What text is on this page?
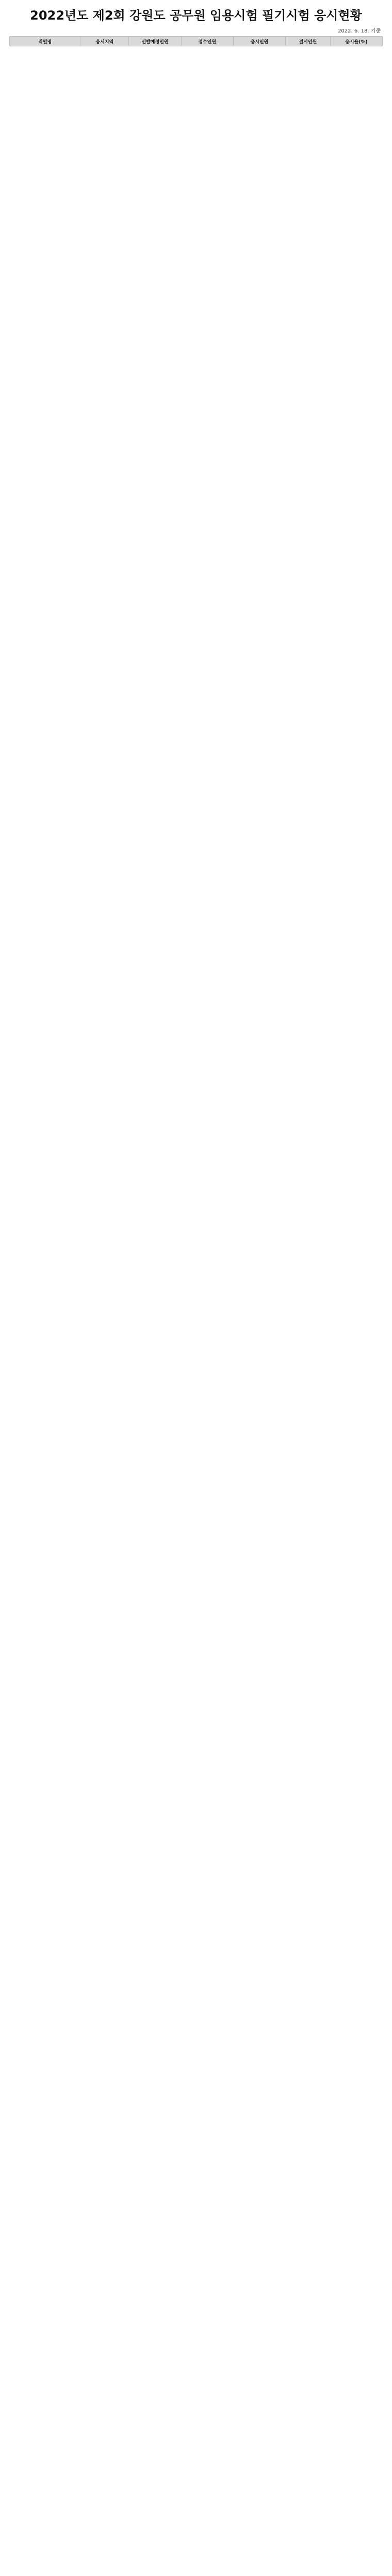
2022년도 제2회 강원도 공무원 임용시험 필기시험 응시현황
2022. 6. 18. 기준
직렬명	응시지역	선발예정인원	접수인원	응시인원	결시인원	응시율(%)
